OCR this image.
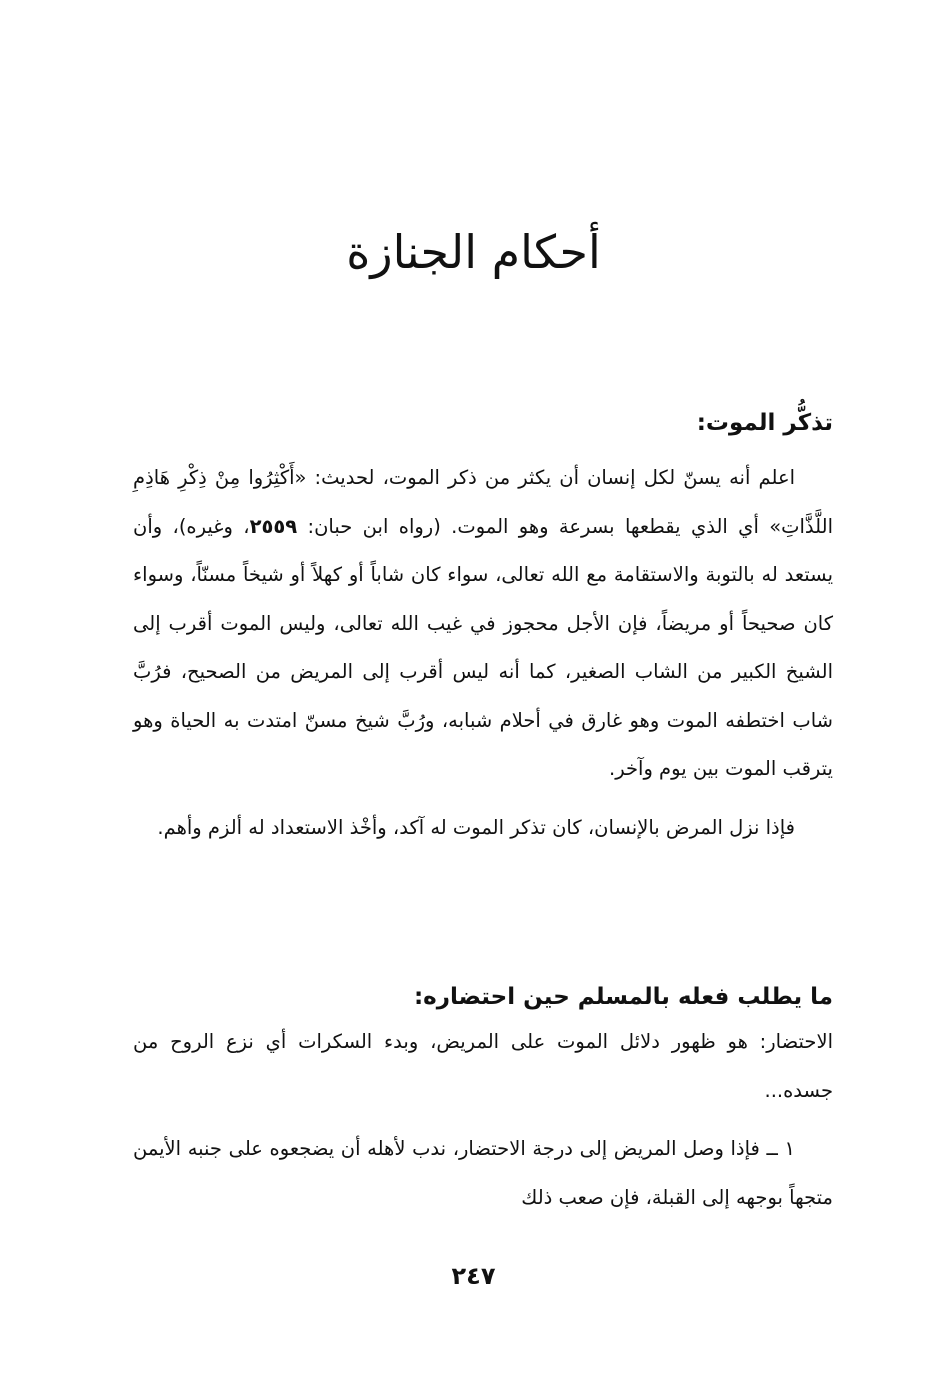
أحكام الجنازة
تذكُّر الموت:
اعلم أنه يسنّ لكل إنسان أن يكثر من ذكر الموت، لحديث: «أَكْثِرُوا مِنْ ذِكْرِ هَاذِمِ اللَّذَّاتِ» أي الذي يقطعها بسرعة وهو الموت. (رواه ابن حبان: ٢٥٥٩، وغيره)، وأن يستعد له بالتوبة والاستقامة مع الله تعالى، سواء كان شاباً أو كهلاً أو شيخاً مسنّاً، وسواء كان صحيحاً أو مريضاً، فإن الأجل محجوز في غيب الله تعالى، وليس الموت أقرب إلى الشيخ الكبير من الشاب الصغير، كما أنه ليس أقرب إلى المريض من الصحيح، فرُبَّ شاب اختطفه الموت وهو غارق في أحلام شبابه، ورُبَّ شيخ مسنّ امتدت به الحياة وهو يترقب الموت بين يوم وآخر.
فإذا نزل المرض بالإنسان، كان تذكر الموت له آكد، وأخْذ الاستعداد له ألزم وأهم.
ما يطلب فعله بالمسلم حين احتضاره:
الاحتضار: هو ظهور دلائل الموت على المريض، وبدء السكرات أي نزع الروح من جسده...
١ ــ فإذا وصل المريض إلى درجة الاحتضار، ندب لأهله أن يضجعوه على جنبه الأيمن متجهاً بوجهه إلى القبلة، فإن صعب ذلك
٢٤٧
